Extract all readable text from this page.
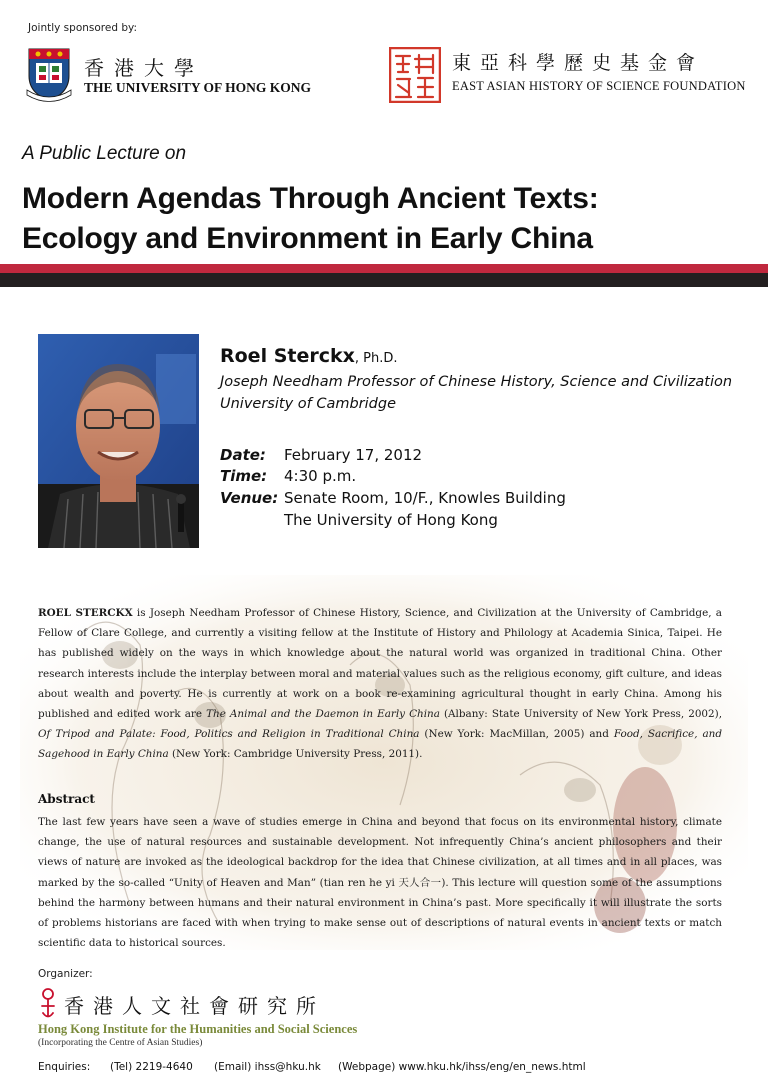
Jointly sponsored by:
香港大學
THE UNIVERSITY OF HONG KONG
東亞科學歷史基金會
EAST ASIAN HISTORY OF SCIENCE FOUNDATION
A Public Lecture on
Modern Agendas Through Ancient Texts:
Ecology and Environment in Early China
Roel Sterckx, Ph.D.
Joseph Needham Professor of Chinese History, Science and Civilization
University of Cambridge
Date: February 17, 2012
Time: 4:30 p.m.
Venue: Senate Room, 10/F., Knowles Building
The University of Hong Kong
ROEL STERCKX is Joseph Needham Professor of Chinese History, Science, and Civilization at the University of Cambridge, a Fellow of Clare College, and currently a visiting fellow at the Institute of History and Philology at Academia Sinica, Taipei. He has published widely on the ways in which knowledge about the natural world was organized in traditional China. Other research interests include the interplay between moral and material values such as the religious economy, gift culture, and ideas about wealth and poverty. He is currently at work on a book re-examining agricultural thought in early China. Among his published and edited work are The Animal and the Daemon in Early China (Albany: State University of New York Press, 2002), Of Tripod and Palate: Food, Politics and Religion in Traditional China (New York: MacMillan, 2005) and Food, Sacrifice, and Sagehood in Early China (New York: Cambridge University Press, 2011).
Abstract
The last few years have seen a wave of studies emerge in China and beyond that focus on its environmental history, climate change, the use of natural resources and sustainable development. Not infrequently China’s ancient philosophers and their views of nature are invoked as the ideological backdrop for the idea that Chinese civilization, at all times and in all places, was marked by the so-called “Unity of Heaven and Man” (tian ren he yi 天人合一). This lecture will question some of the assumptions behind the harmony between humans and their natural environment in China’s past. More specifically it will illustrate the sorts of problems historians are faced with when trying to make sense out of descriptions of natural events in ancient texts or match scientific data to historical sources.
Organizer:
香港人文社會研究所
Hong Kong Institute for the Humanities and Social Sciences
(Incorporating the Centre of Asian Studies)
Enquiries: (Tel) 2219-4640 (Email) ihss@hku.hk (Webpage) www.hku.hk/ihss/eng/en_news.html
